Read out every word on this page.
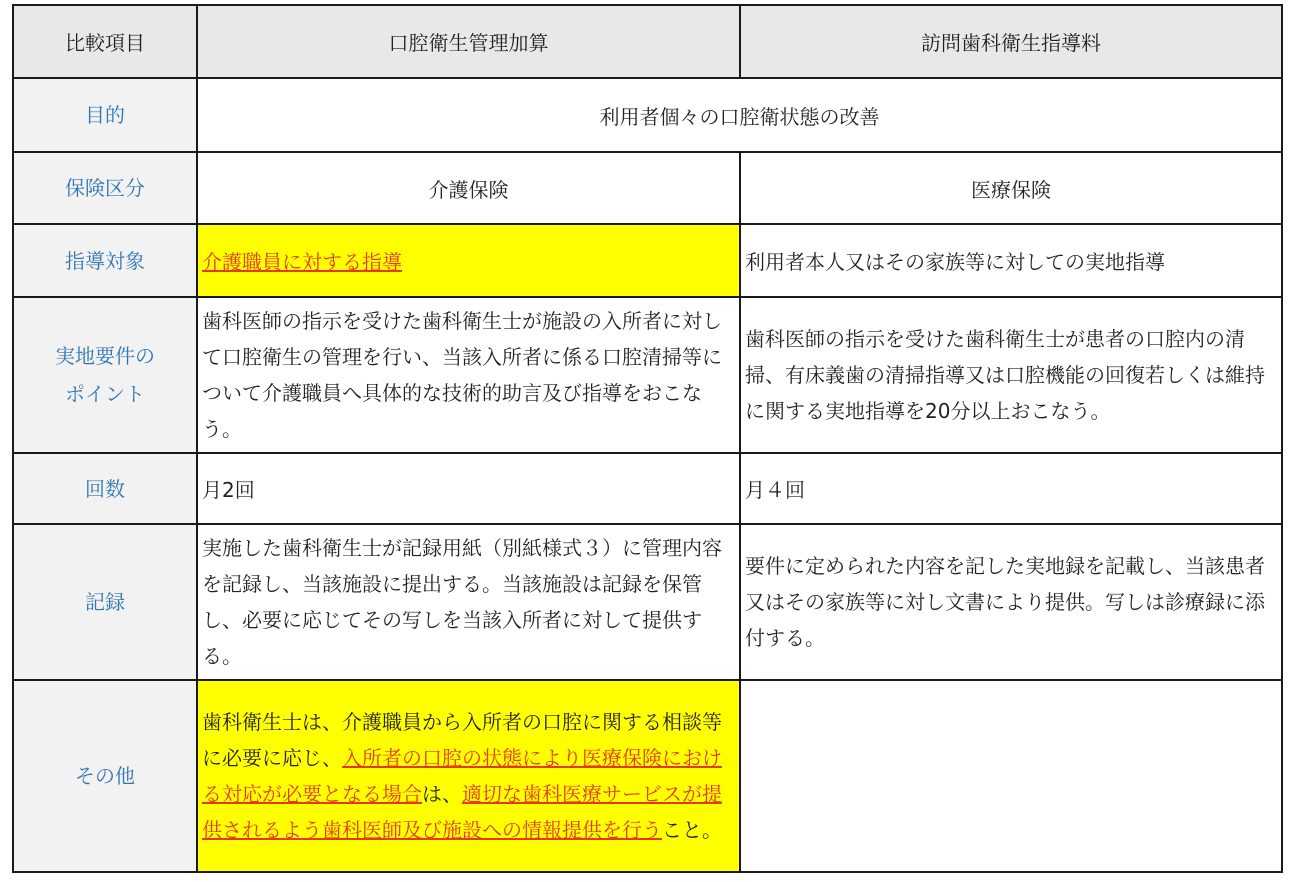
比較項目	口腔衛生管理加算	訪問歯科衛生指導料
目的	利用者個々の口腔衛状態の改善	
保険区分	介護保険	医療保険
指導対象	介護職員に対する指導	利用者本人又はその家族等に対しての実地指導
実地要件の
ポイント	歯科医師の指示を受けた歯科衛生士が施設の入所者に対して口腔衛生の管理を行い、当該入所者に係る口腔清掃等について介護職員へ具体的な技術的助言及び指導をおこなう。	歯科医師の指示を受けた歯科衛生士が患者の口腔内の清掃、有床義歯の清掃指導又は口腔機能の回復若しくは維持に関する実地指導を20分以上おこなう。
回数	月2回	月４回
記録	実施した歯科衛生士が記録用紙（別紙様式３）に管理内容を記録し、当該施設に提出する。当該施設は記録を保管し、必要に応じてその写しを当該入所者に対して提供する。	要件に定められた内容を記した実地録を記載し、当該患者又はその家族等に対し文書により提供。写しは診療録に添付する。
その他	歯科衛生士は、介護職員から入所者の口腔に関する相談等に必要に応じ、入所者の口腔の状態により医療保険における対応が必要となる場合は、適切な歯科医療サービスが提供されるよう歯科医師及び施設への情報提供を行うこと。	
